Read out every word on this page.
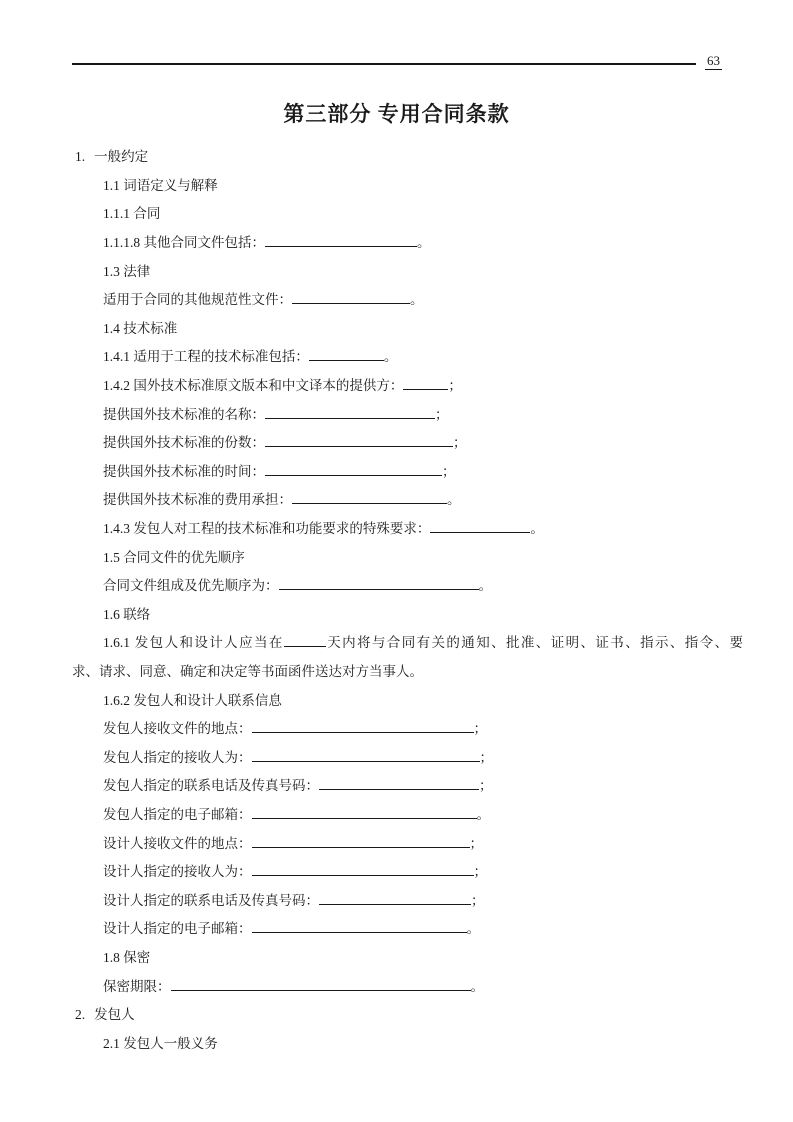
63
第三部分 专用合同条款
1. 一般约定
1.1 词语定义与解释
1.1.1 合同
1.1.1.8 其他合同文件包括：	。
1.3 法律
适用于合同的其他规范性文件：	。
1.4 技术标准
1.4.1 适用于工程的技术标准包括：	。
1.4.2 国外技术标准原文版本和中文译本的提供方：	；
提供国外技术标准的名称：	；
提供国外技术标准的份数：	；
提供国外技术标准的时间：	；
提供国外技术标准的费用承担：	。
1.4.3 发包人对工程的技术标准和功能要求的特殊要求：	。
1.5 合同文件的优先顺序
合同文件组成及优先顺序为：	。
1.6 联络
1.6.1 发包人和设计人应当在	天内将与合同有关的通知、批准、证明、证书、指示、指令、要
求、请求、同意、确定和决定等书面函件送达对方当事人。
1.6.2 发包人和设计人联系信息
发包人接收文件的地点：	；
发包人指定的接收人为：	；
发包人指定的联系电话及传真号码：	；
发包人指定的电子邮箱：	。
设计人接收文件的地点：	；
设计人指定的接收人为：	；
设计人指定的联系电话及传真号码：	；
设计人指定的电子邮箱：	。
1.8 保密
保密期限：	。
2. 发包人
2.1 发包人一般义务
